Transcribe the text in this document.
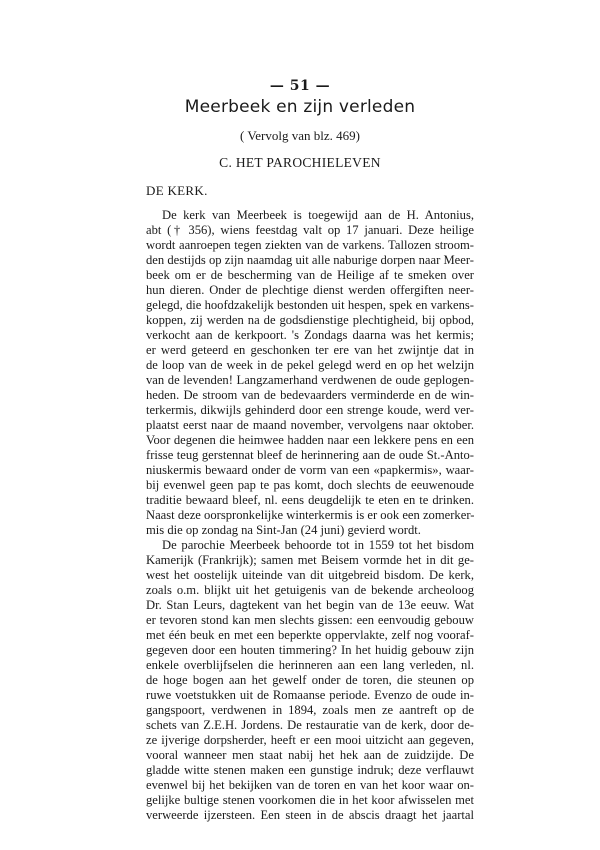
— 51 —
Meerbeek en zijn verleden
( Vervolg van blz. 469)
C. HET PAROCHIELEVEN
DE KERK.
De kerk van Meerbeek is toegewijd aan de H. Antonius,
abt († 356), wiens feestdag valt op 17 januari. Deze heilige
wordt aanroepen tegen ziekten van de varkens. Tallozen stroom-
den destijds op zijn naamdag uit alle naburige dorpen naar Meer-
beek om er de bescherming van de Heilige af te smeken over
hun dieren. Onder de plechtige dienst werden offergiften neer-
gelegd, die hoofdzakelijk bestonden uit hespen, spek en varkens-
koppen, zij werden na de godsdienstige plechtigheid, bij opbod,
verkocht aan de kerkpoort. 's Zondags daarna was het kermis;
er werd geteerd en geschonken ter ere van het zwijntje dat in
de loop van de week in de pekel gelegd werd en op het welzijn
van de levenden! Langzamerhand verdwenen de oude geplogen-
heden. De stroom van de bedevaarders verminderde en de win-
terkermis, dikwijls gehinderd door een strenge koude, werd ver-
plaatst eerst naar de maand november, vervolgens naar oktober.
Voor degenen die heimwee hadden naar een lekkere pens en een
frisse teug gerstennat bleef de herinnering aan de oude St.-Anto-
niuskermis bewaard onder de vorm van een «papkermis», waar-
bij evenwel geen pap te pas komt, doch slechts de eeuwenoude
traditie bewaard bleef, nl. eens deugdelijk te eten en te drinken.
Naast deze oorspronkelijke winterkermis is er ook een zomerker-
mis die op zondag na Sint-Jan (24 juni) gevierd wordt.
De parochie Meerbeek behoorde tot in 1559 tot het bisdom
Kamerijk (Frankrijk); samen met Beisem vormde het in dit ge-
west het oostelijk uiteinde van dit uitgebreid bisdom. De kerk,
zoals o.m. blijkt uit het getuigenis van de bekende archeoloog
Dr. Stan Leurs, dagtekent van het begin van de 13e eeuw. Wat
er tevoren stond kan men slechts gissen: een eenvoudig gebouw
met één beuk en met een beperkte oppervlakte, zelf nog vooraf-
gegeven door een houten timmering? In het huidig gebouw zijn
enkele overblijfselen die herinneren aan een lang verleden, nl.
de hoge bogen aan het gewelf onder de toren, die steunen op
ruwe voetstukken uit de Romaanse periode. Evenzo de oude in-
gangspoort, verdwenen in 1894, zoals men ze aantreft op de
schets van Z.E.H. Jordens. De restauratie van de kerk, door de-
ze ijverige dorpsherder, heeft er een mooi uitzicht aan gegeven,
vooral wanneer men staat nabij het hek aan de zuidzijde. De
gladde witte stenen maken een gunstige indruk; deze verflauwt
evenwel bij het bekijken van de toren en van het koor waar on-
gelijke bultige stenen voorkomen die in het koor afwisselen met
verweerde ijzersteen. Een steen in de abscis draagt het jaartal
